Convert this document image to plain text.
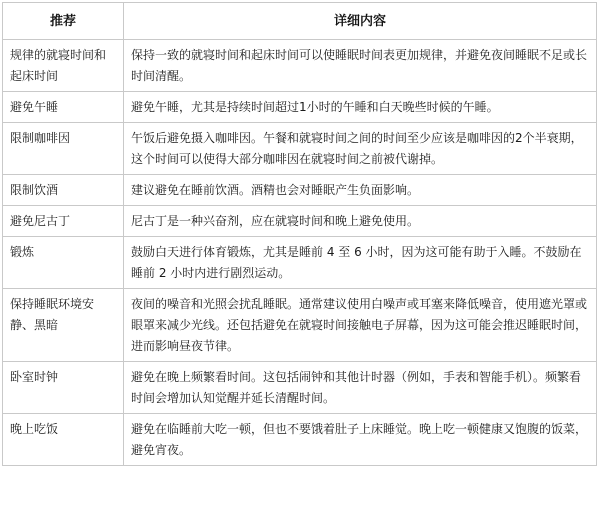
推荐	详细内容
规律的就寝时间和起床时间	保持一致的就寝时间和起床时间可以使睡眠时间表更加规律，并避免夜间睡眠不足或长时间清醒。
避免午睡	避免午睡，尤其是持续时间超过1小时的午睡和白天晚些时候的午睡。
限制咖啡因	午饭后避免摄入咖啡因。午餐和就寝时间之间的时间至少应该是咖啡因的2个半衰期，这个时间可以使得大部分咖啡因在就寝时间之前被代谢掉。
限制饮酒	建议避免在睡前饮酒。酒精也会对睡眠产生负面影响。
避免尼古丁	尼古丁是一种兴奋剂，应在就寝时间和晚上避免使用。
锻炼	鼓励白天进行体育锻炼，尤其是睡前 4 至 6 小时，因为这可能有助于入睡。不鼓励在睡前 2 小时内进行剧烈运动。
保持睡眠环境安静、黑暗	夜间的噪音和光照会扰乱睡眠。通常建议使用白噪声或耳塞来降低噪音，使用遮光罩或眼罩来减少光线。还包括避免在就寝时间接触电子屏幕，因为这可能会推迟睡眠时间，进而影响昼夜节律。
卧室时钟	避免在晚上频繁看时间。这包括闹钟和其他计时器（例如，手表和智能手机）。频繁看时间会增加认知觉醒并延长清醒时间。
晚上吃饭	避免在临睡前大吃一顿，但也不要饿着肚子上床睡觉。晚上吃一顿健康又饱腹的饭菜，避免宵夜。
